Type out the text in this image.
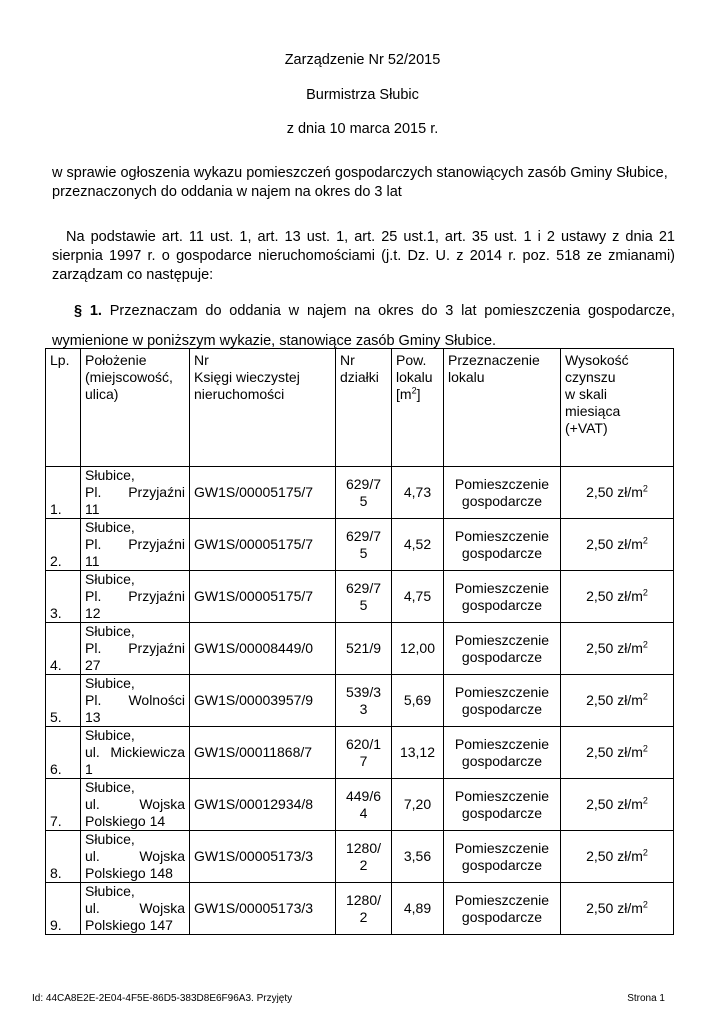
Zarządzenie Nr 52/2015
Burmistrza Słubic
z dnia 10 marca 2015 r.
w sprawie ogłoszenia wykazu pomieszczeń gospodarczych stanowiących zasób Gminy Słubice, przeznaczonych do oddania w najem na okres do 3 lat
Na podstawie art. 11 ust. 1, art. 13 ust. 1, art. 25 ust.1, art. 35 ust. 1 i 2 ustawy z dnia 21 sierpnia 1997 r. o gospodarce nieruchomościami (j.t. Dz. U. z 2014 r. poz. 518 ze zmianami) zarządzam co następuje:
§ 1. Przeznaczam do oddania w najem na okres do 3 lat pomieszczenia gospodarcze, wymienione w poniższym wykazie, stanowiące zasób Gminy Słubice.
Lp.	Położenie
(miejscowość,
ulica)	Nr
Księgi wieczystej
nieruchomości	Nr
działki	Pow.
lokalu
$[m^2]$	Przeznaczenie
lokalu	Wysokość
czynszu
w skali
miesiąca
(+VAT)
1.	Słubice,
Pl. Przyjaźni
11	GW1S/00005175/7	629/7
5	4,73	Pomieszczenie
gospodarcze	2,50 $zł/m^2$
2.	Słubice,
Pl. Przyjaźni
11	GW1S/00005175/7	629/7
5	4,52	Pomieszczenie
gospodarcze	2,50 $zł/m^2$
3.	Słubice,
Pl. Przyjaźni
12	GW1S/00005175/7	629/7
5	4,75	Pomieszczenie
gospodarcze	2,50 $zł/m^2$
4.	Słubice,
Pl. Przyjaźni
27	GW1S/00008449/0	521/9	12,00	Pomieszczenie
gospodarcze	2,50 $zł/m^2$
5.	Słubice,
Pl. Wolności
13	GW1S/00003957/9	539/3
3	5,69	Pomieszczenie
gospodarcze	2,50 $zł/m^2$
6.	Słubice,
ul. Mickiewicza
1	GW1S/00011868/7	620/1
7	13,12	Pomieszczenie
gospodarcze	2,50 $zł/m^2$
7.	Słubice,
ul. Wojska
Polskiego 14	GW1S/00012934/8	449/6
4	7,20	Pomieszczenie
gospodarcze	2,50 $zł/m^2$
8.	Słubice,
ul. Wojska
Polskiego 148	GW1S/00005173/3	1280/
2	3,56	Pomieszczenie
gospodarcze	2,50 $zł/m^2$
9.	Słubice,
ul. Wojska
Polskiego 147	GW1S/00005173/3	1280/
2	4,89	Pomieszczenie
gospodarcze	2,50 $zł/m^2$
Id: 44CA8E2E-2E04-4F5E-86D5-383D8E6F96A3. Przyjęty	Strona 1
